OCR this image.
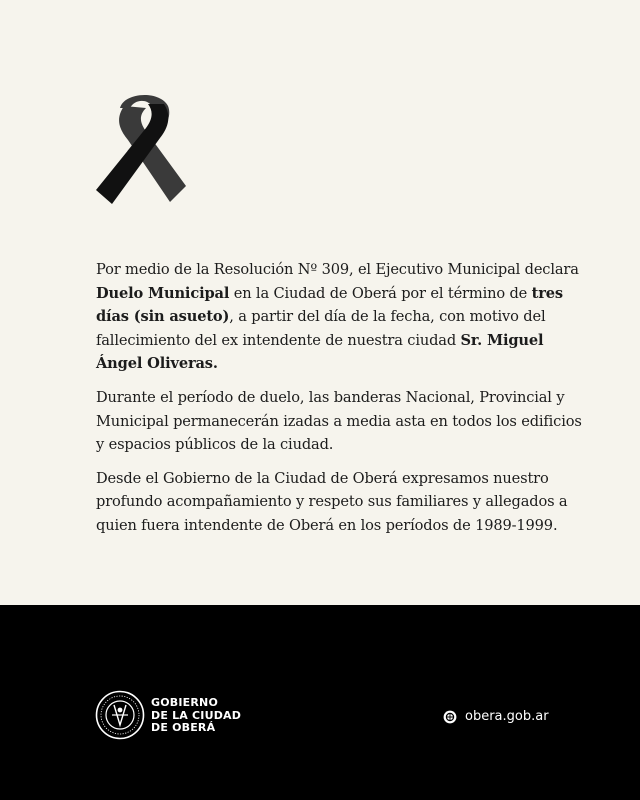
Por medio de la Resolución Nº 309, el Ejecutivo Municipal declara Duelo Municipal en la Ciudad de Oberá por el término de tres días (sin asueto), a partir del día de la fecha, con motivo del fallecimiento del ex intendente de nuestra ciudad Sr. Miguel Ángel Oliveras.

Durante el período de duelo, las banderas Nacional, Provincial y Municipal permanecerán izadas a media asta en todos los edificios y espacios públicos de la ciudad.

Desde el Gobierno de la Ciudad de Oberá expresamos nuestro profundo acompañamiento y respeto sus familiares y allegados a quien fuera intendente de Oberá en los períodos de 1989-1999.

GOBIERNO
DE LA CIUDAD
DE OBERÁ
obera.gob.ar
